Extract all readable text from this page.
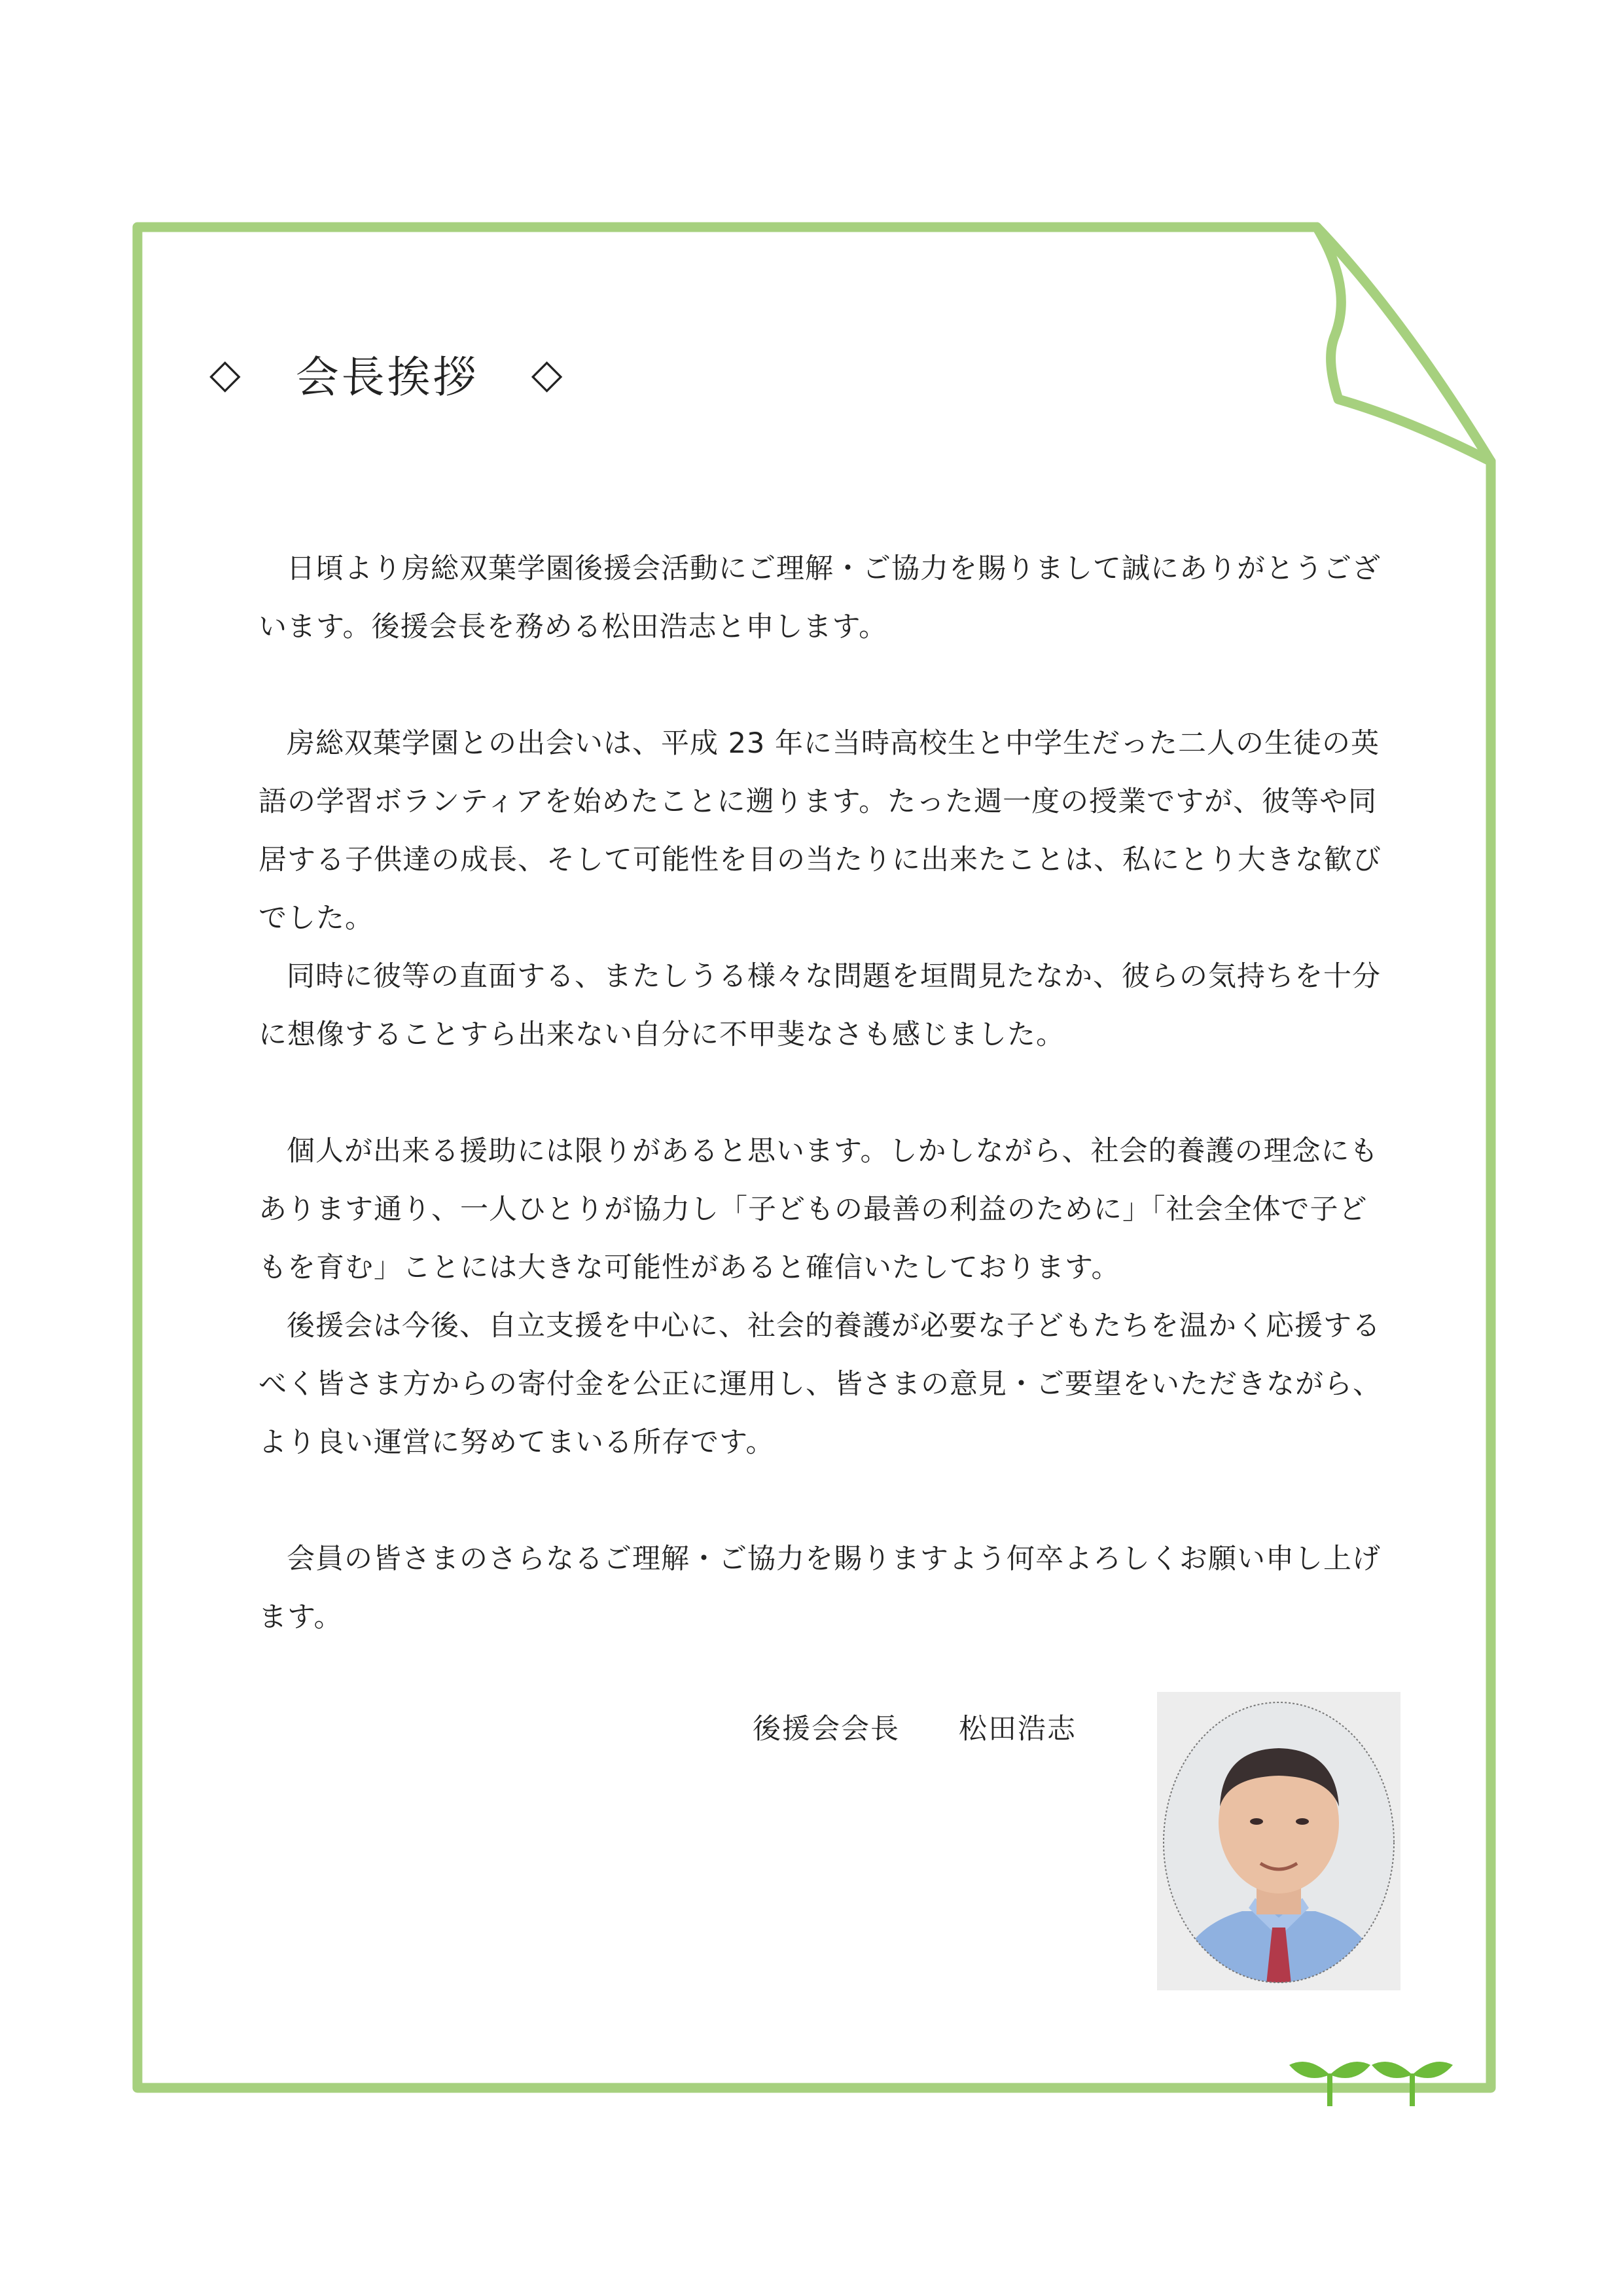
◇ 会長挨拶 ◇

日頃より房総双葉学園後援会活動にご理解・ご協力を賜りまして誠にありがとうございます。後援会長を務める松田浩志と申します。

房総双葉学園との出会いは、平成 23 年に当時高校生と中学生だった二人の生徒の英語の学習ボランティアを始めたことに遡ります。たった週一度の授業ですが、彼等や同居する子供達の成長、そして可能性を目の当たりに出来たことは、私にとり大きな歓びでした。

同時に彼等の直面する、またしうる様々な問題を垣間見たなか、彼らの気持ちを十分に想像することすら出来ない自分に不甲斐なさも感じました。

個人が出来る援助には限りがあると思います。しかしながら、社会的養護の理念にもあります通り、一人ひとりが協力し「子どもの最善の利益のために」「社会全体で子どもを育む」ことには大きな可能性があると確信いたしております。

後援会は今後、自立支援を中心に、社会的養護が必要な子どもたちを温かく応援するべく皆さま方からの寄付金を公正に運用し、皆さまの意見・ご要望をいただきながら、より良い運営に努めてまいる所存です。

会員の皆さまのさらなるご理解・ご協力を賜りますよう何卒よろしくお願い申し上げます。

後援会会長 松田浩志
